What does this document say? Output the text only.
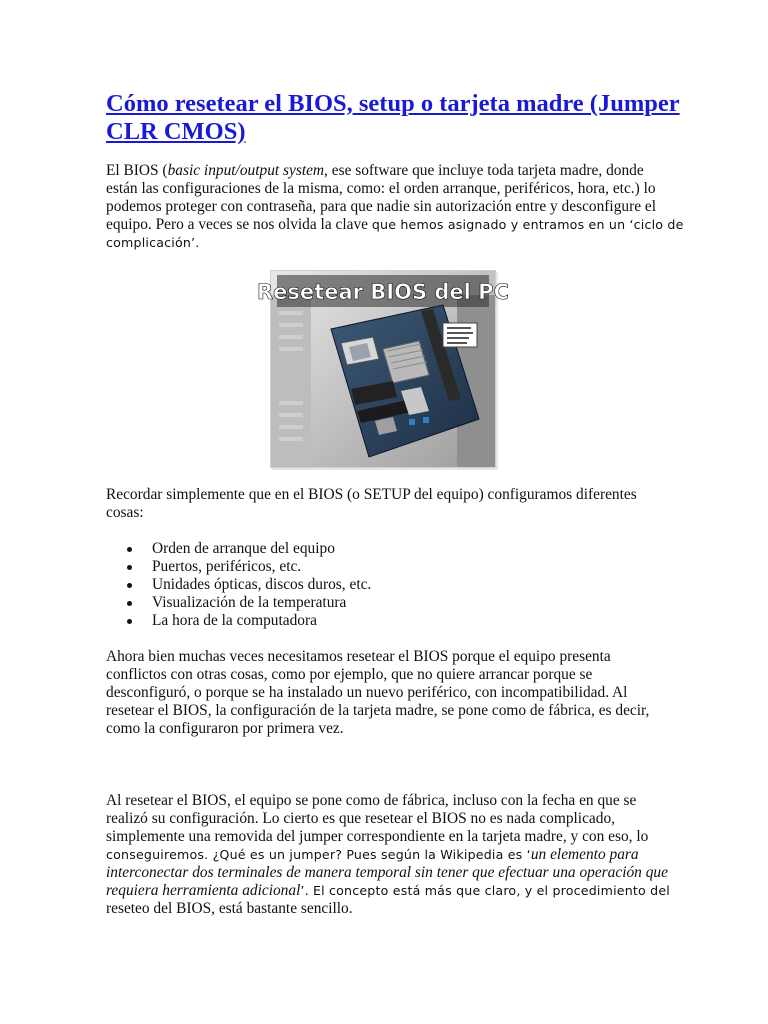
Cómo resetear el BIOS, setup o tarjeta madre (Jumper
CLR CMOS)
El BIOS (basic input/output system, ese software que incluye toda tarjeta madre, donde
están las configuraciones de la misma, como: el orden arranque, periféricos, hora, etc.) lo
podemos proteger con contraseña, para que nadie sin autorización entre y desconfigure el
equipo. Pero a veces se nos olvida la clave que hemos asignado y entramos en un ‘ciclo de
complicación’.
Resetear BIOS del PC
Recordar simplemente que en el BIOS (o SETUP del equipo) configuramos diferentes
cosas:
Orden de arranque del equipo
Puertos, periféricos, etc.
Unidades ópticas, discos duros, etc.
Visualización de la temperatura
La hora de la computadora
Ahora bien muchas veces necesitamos resetear el BIOS porque el equipo presenta
conflictos con otras cosas, como por ejemplo, que no quiere arrancar porque se
desconfiguró, o porque se ha instalado un nuevo periférico, con incompatibilidad. Al
resetear el BIOS, la configuración de la tarjeta madre, se pone como de fábrica, es decir,
como la configuraron por primera vez.
Al resetear el BIOS, el equipo se pone como de fábrica, incluso con la fecha en que se
realizó su configuración. Lo cierto es que resetear el BIOS no es nada complicado,
simplemente una removida del jumper correspondiente en la tarjeta madre, y con eso, lo
conseguiremos. ¿Qué es un jumper? Pues según la Wikipedia es ‘un elemento para
interconectar dos terminales de manera temporal sin tener que efectuar una operación que
requiera herramienta adicional’. El concepto está más que claro, y el procedimiento del
reseteo del BIOS, está bastante sencillo.
